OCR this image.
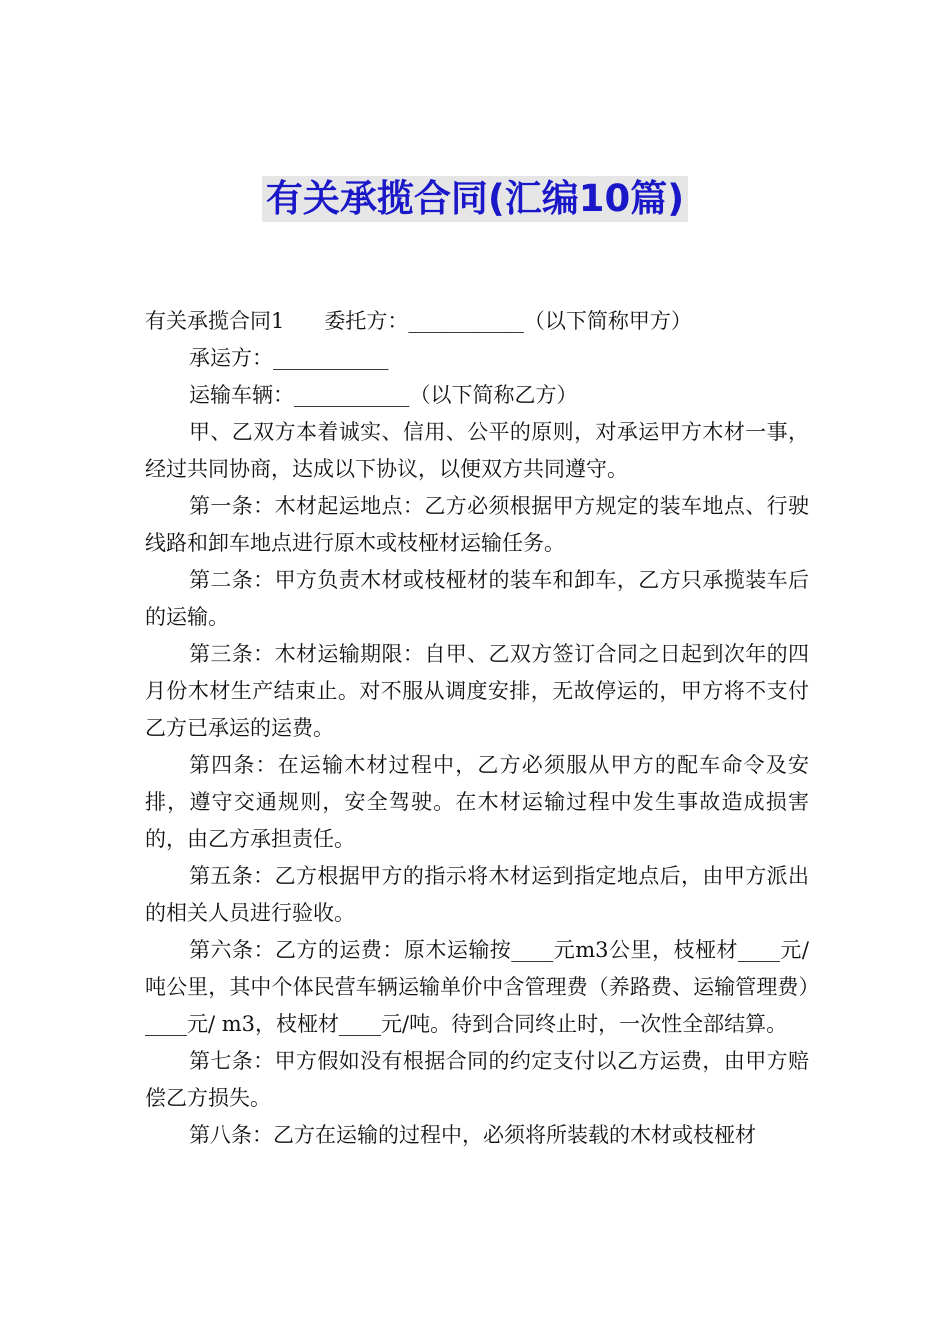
有关承揽合同(汇编10篇)

有关承揽合同1 委托方：___________（以下简称甲方）

承运方：___________

运输车辆：___________（以下简称乙方）

甲、乙双方本着诚实、信用、公平的原则，对承运甲方木材一事，经过共同协商，达成以下协议，以便双方共同遵守。

第一条：木材起运地点：乙方必须根据甲方规定的装车地点、行驶线路和卸车地点进行原木或枝桠材运输任务。

第二条：甲方负责木材或枝桠材的装车和卸车，乙方只承揽装车后的运输。

第三条：木材运输期限：自甲、乙双方签订合同之日起到次年的四月份木材生产结束止。对不服从调度安排，无故停运的，甲方将不支付乙方已承运的运费。

第四条：在运输木材过程中，乙方必须服从甲方的配车命令及安排，遵守交通规则，安全驾驶。在木材运输过程中发生事故造成损害的，由乙方承担责任。

第五条：乙方根据甲方的指示将木材运到指定地点后，由甲方派出的相关人员进行验收。

第六条：乙方的运费：原木运输按____元m3公里，枝桠材____元/吨公里，其中个体民营车辆运输单价中含管理费（养路费、运输管理费）____元/ m3，枝桠材____元/吨。待到合同终止时，一次性全部结算。

第七条：甲方假如没有根据合同的约定支付以乙方运费，由甲方赔偿乙方损失。

第八条：乙方在运输的过程中，必须将所装载的木材或枝桠材
